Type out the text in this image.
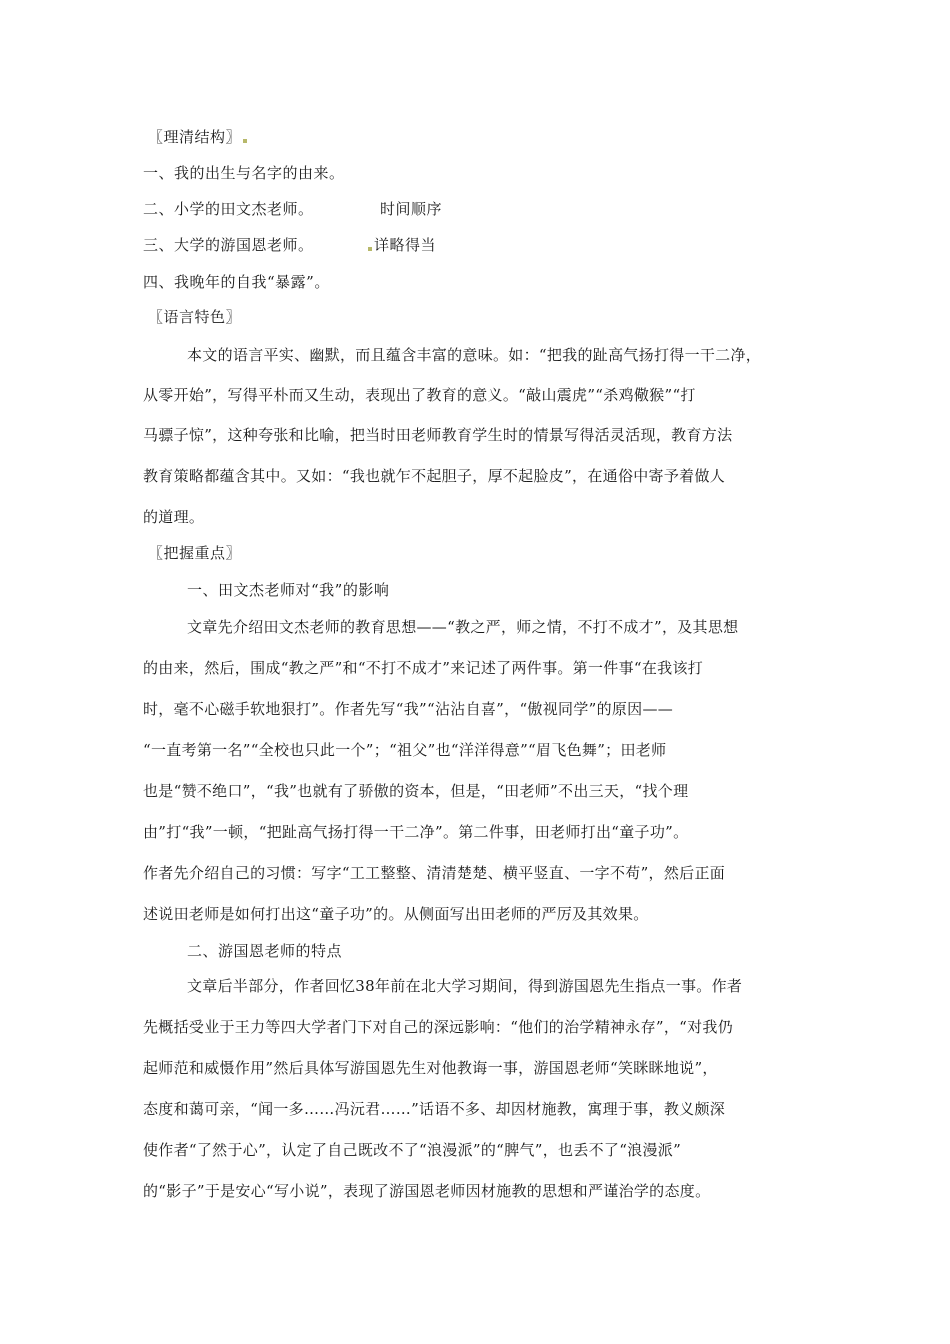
〖理清结构〗
一、我的出生与名字的由来。
二、小学的田文杰老师。	时间顺序
三、大学的游国恩老师。	详略得当
四、我晚年的自我“暴露”。
〖语言特色〗
本文的语言平实、幽默，而且蕴含丰富的意味。如：“把我的趾高气扬打得一干二净，
从零开始”，写得平朴而又生动，表现出了教育的意义。“敲山震虎”“杀鸡儆猴”“打
马骠子惊”，这种夸张和比喻，把当时田老师教育学生时的情景写得活灵活现，教育方法
教育策略都蕴含其中。又如：“我也就乍不起胆子，厚不起脸皮”，在通俗中寄予着做人
的道理。
〖把握重点〗
一、田文杰老师对“我”的影响
文章先介绍田文杰老师的教育思想——“教之严，师之情，不打不成才”，及其思想
的由来，然后，围成“教之严”和“不打不成才”来记述了两件事。第一件事“在我该打
时，毫不心磁手软地狠打”。作者先写“我”“沾沾自喜”，“傲视同学”的原因——
“一直考第一名”“全校也只此一个”；“祖父”也“洋洋得意”“眉飞色舞”；田老师
也是“赞不绝口”，“我”也就有了骄傲的资本，但是，“田老师”不出三天，“找个理
由”打“我”一顿，“把趾高气扬打得一干二净”。第二件事，田老师打出“童子功”。
作者先介绍自己的习惯：写字“工工整整、清清楚楚、横平竖直、一字不苟”，然后正面
述说田老师是如何打出这“童子功”的。从侧面写出田老师的严厉及其效果。
二、游国恩老师的特点
文章后半部分，作者回忆38年前在北大学习期间，得到游国恩先生指点一事。作者
先概括受业于王力等四大学者门下对自己的深远影响：“他们的治学精神永存”，“对我仍
起师范和威慑作用”然后具体写游国恩先生对他教诲一事，游国恩老师“笑眯眯地说”，
态度和蔼可亲，“闻一多……冯沅君……”话语不多、却因材施教，寓理于事，教义颇深
使作者“了然于心”，认定了自己既改不了“浪漫派”的“脾气”，也丢不了“浪漫派”
的“影子”于是安心“写小说”，表现了游国恩老师因材施教的思想和严谨治学的态度。
